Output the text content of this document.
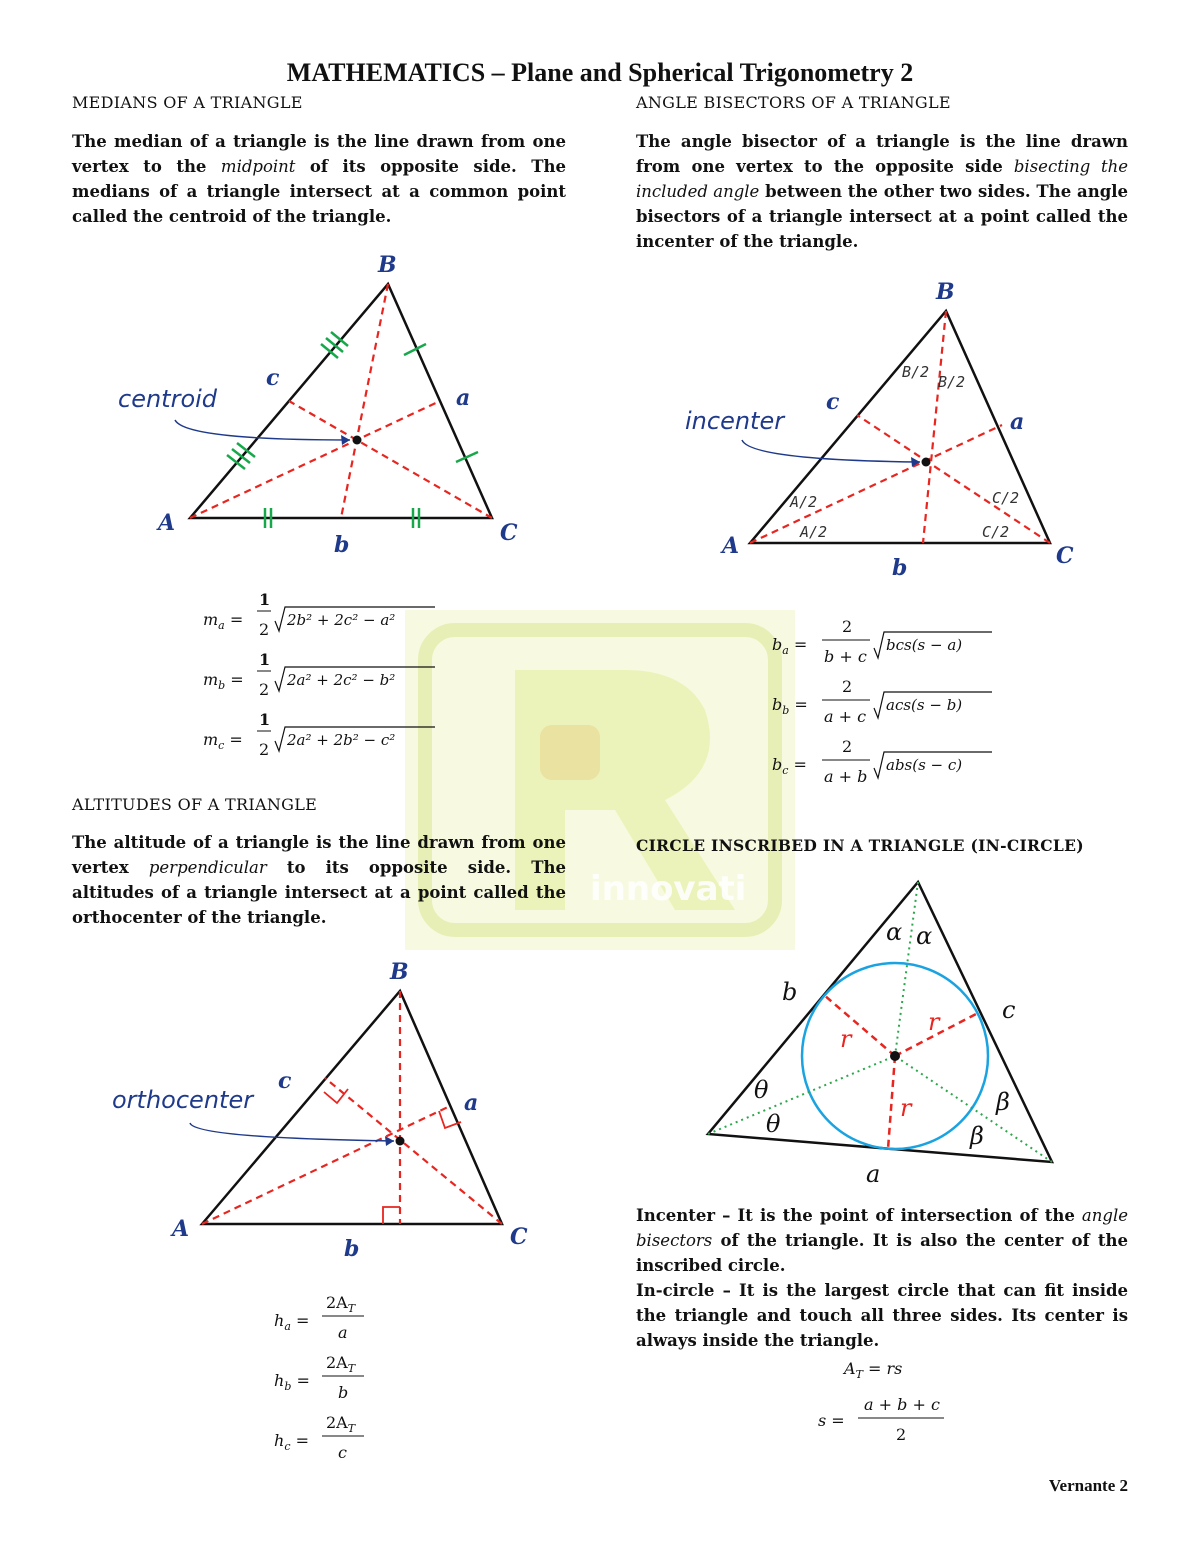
MATHEMATICS – Plane and Spherical Trigonometry 2
innovati
MEDIANS OF A TRIANGLE
The median of a triangle is the line drawn from one vertex to the midpoint of its opposite side. The medians of a triangle intersect at a common point called the centroid of the triangle.
A
B
C
a
b
c
centroid
$m_a$ =
1
2 2b² + 2c² − a²
$m_b$ =
1
2 2a² + 2c² − b²
$m_c$ =
1
2 2a² + 2b² − c²
ANGLE BISECTORS OF A TRIANGLE
The angle bisector of a triangle is the line drawn from one vertex to the opposite side bisecting the included angle between the other two sides. The angle bisectors of a triangle intersect at a point called the incenter of the triangle.
A
B
C
a
b
c
A/2
A/2
B/2
B/2
C/2
C/2
incenter
$b_a$ =
2
b + c
bcs(s − a)
$b_b$ =
2
a + c
acs(s − b)
$b_c$ =
2
a + b
abs(s − c)
ALTITUDES OF A TRIANGLE
The altitude of a triangle is the line drawn from one vertex perpendicular to its opposite side. The altitudes of a triangle intersect at a point called the orthocenter of the triangle.
A
B
C
a
b
c
orthocenter
$h_a$ =
$2A_T$
a
$h_b$ =
$2A_T$
b
$h_c$ =
$2A_T$
c
CIRCLE INSCRIBED IN A TRIANGLE (IN-CIRCLE)
r
r
r
b
c
a
α α
θ
θ
β
β
Incenter – It is the point of intersection of the angle bisectors of the triangle. It is also the center of the inscribed circle.
In-circle – It is the largest circle that can fit inside the triangle and touch all three sides. Its center is always inside the triangle.
$A_T$ = rs
s =
a + b + c
2
Vernante 2
